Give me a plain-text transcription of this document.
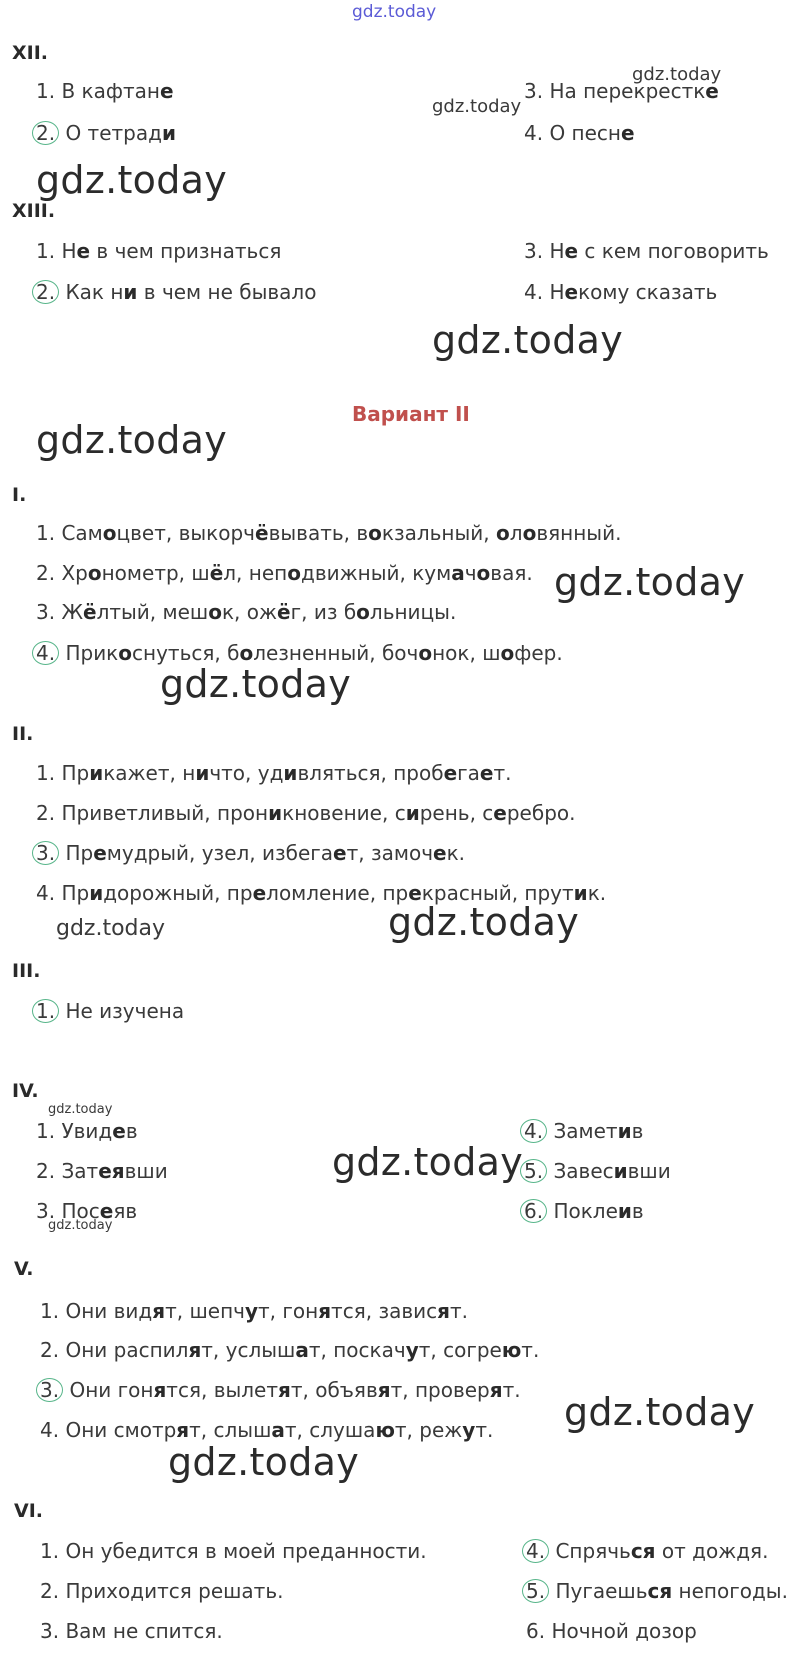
gdz.today
XII.
1. В кафтане
2. О тетради
3. На перекрестке
4. О песне
gdz.today
gdz.today
gdz.today
XIII.
1. Не в чем признаться
2. Как ни в чем не бывало
3. Не с кем поговорить
4. Некому сказать
gdz.today
Вариант II
gdz.today
I.
1. Самоцвет, выкорчёвывать, вокзальный, оловянный.
2. Хронометр, шёл, неподвижный, кумачовая.
3. Жёлтый, мешок, ожёг, из больницы.
4. Прикоснуться, болезненный, бочонок, шофер.
gdz.today
gdz.today
II.
1. Прикажет, ничто, удивляться, пробегает.
2. Приветливый, проникновение, сирень, серебро.
3. Премудрый, узел, избегает, замочек.
4. Придорожный, преломление, прекрасный, прутик.
gdz.today	gdz.today
III.
1. Не изучена
IV.
gdz.today
1. Увидев
2. Затеявши
3. Посеяв
gdz.today
4. Заметив
5. Завесивши
6. Поклeив
gdz.today
V.
1. Они видят, шепчут, гонятся, зависят.
2. Они распилят, услышат, поскачут, согреют.
3. Они гонятся, вылетят, объявят, проверят.
4. Они смотрят, слышат, слушают, режут. gdz.today
gdz.today
VI.
1. Он убедится в моей преданности.
2. Приходится решать.
3. Вам не спится.
4. Спрячься от дождя.
5. Пугаешься непогоды.
6. Ночной дозор
